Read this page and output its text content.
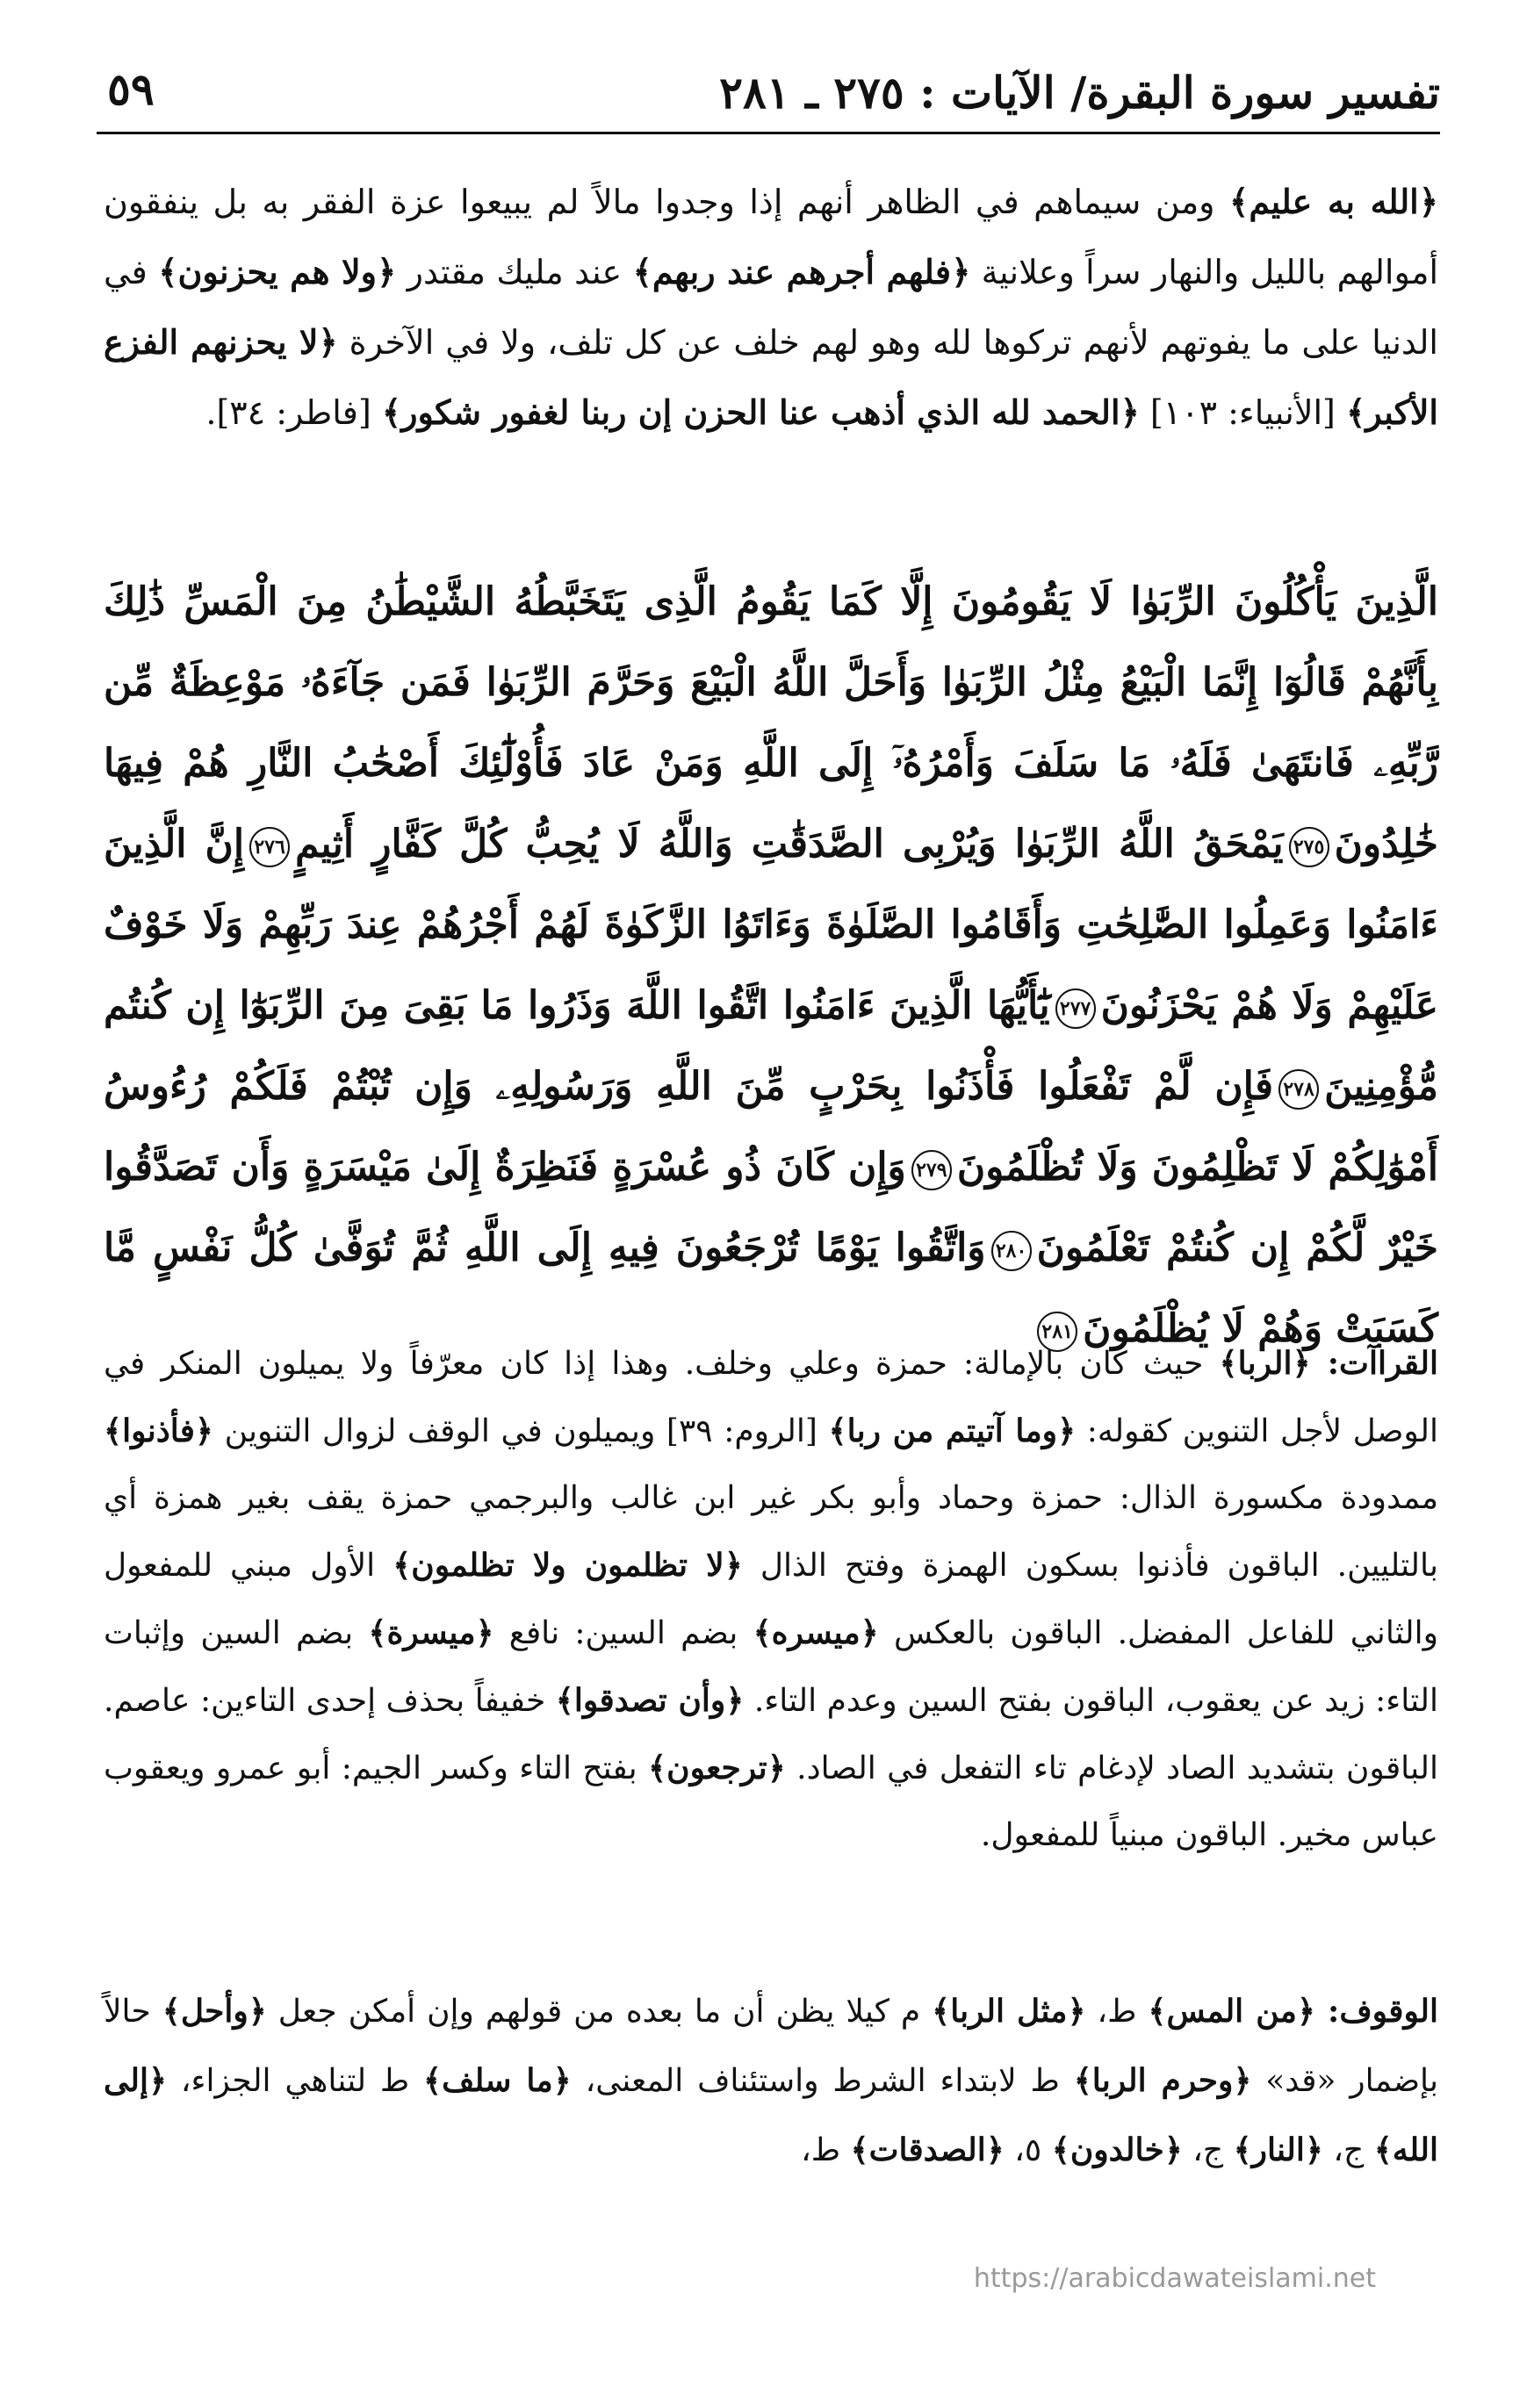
تفسير سورة البقرة/ الآيات : ٢٧٥ ـ ٢٨١
٥٩
﴿الله به عليم﴾ ومن سيماهم في الظاهر أنهم إذا وجدوا مالاً لم يبيعوا عزة الفقر به بل ينفقون أموالهم بالليل والنهار سراً وعلانية ﴿فلهم أجرهم عند ربهم﴾ عند مليك مقتدر ﴿ولا هم يحزنون﴾ في الدنيا على ما يفوتهم لأنهم تركوها لله وهو لهم خلف عن كل تلف، ولا في الآخرة ﴿لا يحزنهم الفزع الأكبر﴾ [الأنبياء: ١٠٣] ﴿الحمد لله الذي أذهب عنا الحزن إن ربنا لغفور شكور﴾ [فاطر: ٣٤].
الَّذِينَ يَأْكُلُونَ الرِّبَوٰا لَا يَقُومُونَ إِلَّا كَمَا يَقُومُ الَّذِى يَتَخَبَّطُهُ الشَّيْطَٰنُ مِنَ الْمَسِّ ذَٰلِكَ بِأَنَّهُمْ قَالُوٓا إِنَّمَا الْبَيْعُ مِثْلُ الرِّبَوٰا وَأَحَلَّ اللَّهُ الْبَيْعَ وَحَرَّمَ الرِّبَوٰا فَمَن جَآءَهُۥ مَوْعِظَةٌ مِّن رَّبِّهِۦ فَانتَهَىٰ فَلَهُۥ مَا سَلَفَ وَأَمْرُهُۥٓ إِلَى اللَّهِ وَمَنْ عَادَ فَأُوْلَٰٓئِكَ أَصْحَٰبُ النَّارِ هُمْ فِيهَا خَٰلِدُونَ٢٧٥يَمْحَقُ اللَّهُ الرِّبَوٰا وَيُرْبِى الصَّدَقَٰتِ وَاللَّهُ لَا يُحِبُّ كُلَّ كَفَّارٍ أَثِيمٍ٢٧٦إِنَّ الَّذِينَ ءَامَنُوا وَعَمِلُوا الصَّٰلِحَٰتِ وَأَقَامُوا الصَّلَوٰةَ وَءَاتَوُا الزَّكَوٰةَ لَهُمْ أَجْرُهُمْ عِندَ رَبِّهِمْ وَلَا خَوْفٌ عَلَيْهِمْ وَلَا هُمْ يَحْزَنُونَ٢٧٧يَٰٓأَيُّهَا الَّذِينَ ءَامَنُوا اتَّقُوا اللَّهَ وَذَرُوا مَا بَقِىَ مِنَ الرِّبَوٰٓا إِن كُنتُم مُّؤْمِنِينَ٢٧٨فَإِن لَّمْ تَفْعَلُوا فَأْذَنُوا بِحَرْبٍ مِّنَ اللَّهِ وَرَسُولِهِۦ وَإِن تُبْتُمْ فَلَكُمْ رُءُوسُ أَمْوَٰلِكُمْ لَا تَظْلِمُونَ وَلَا تُظْلَمُونَ٢٧٩وَإِن كَانَ ذُو عُسْرَةٍ فَنَظِرَةٌ إِلَىٰ مَيْسَرَةٍ وَأَن تَصَدَّقُوا خَيْرٌ لَّكُمْ إِن كُنتُمْ تَعْلَمُونَ٢٨٠وَاتَّقُوا يَوْمًا تُرْجَعُونَ فِيهِ إِلَى اللَّهِ ثُمَّ تُوَفَّىٰ كُلُّ نَفْسٍ مَّا كَسَبَتْ وَهُمْ لَا يُظْلَمُونَ٢٨١
القراآت: ﴿الربا﴾ حيث كان بالإمالة: حمزة وعلي وخلف. وهذا إذا كان معرّفاً ولا يميلون المنكر في الوصل لأجل التنوين كقوله: ﴿وما آتيتم من ربا﴾ [الروم: ٣٩] ويميلون في الوقف لزوال التنوين ﴿فأذنوا﴾ ممدودة مكسورة الذال: حمزة وحماد وأبو بكر غير ابن غالب والبرجمي حمزة يقف بغير همزة أي بالتليين. الباقون فأذنوا بسكون الهمزة وفتح الذال ﴿لا تظلمون ولا تظلمون﴾ الأول مبني للمفعول والثاني للفاعل المفضل. الباقون بالعكس ﴿ميسره﴾ بضم السين: نافع ﴿ميسرة﴾ بضم السين وإثبات التاء: زيد عن يعقوب، الباقون بفتح السين وعدم التاء. ﴿وأن تصدقوا﴾ خفيفاً بحذف إحدى التاءين: عاصم. الباقون بتشديد الصاد لإدغام تاء التفعل في الصاد. ﴿ترجعون﴾ بفتح التاء وكسر الجيم: أبو عمرو ويعقوب عباس مخير. الباقون مبنياً للمفعول.
الوقوف: ﴿من المس﴾ ط، ﴿مثل الربا﴾ م كيلا يظن أن ما بعده من قولهم وإن أمكن جعل ﴿وأحل﴾ حالاً بإضمار «قد» ﴿وحرم الربا﴾ ط لابتداء الشرط واستئناف المعنى، ﴿ما سلف﴾ ط لتناهي الجزاء، ﴿إلى الله﴾ ج، ﴿النار﴾ ج، ﴿خالدون﴾ ٥، ﴿الصدقات﴾ ط،
https://arabicdawateislami.net
